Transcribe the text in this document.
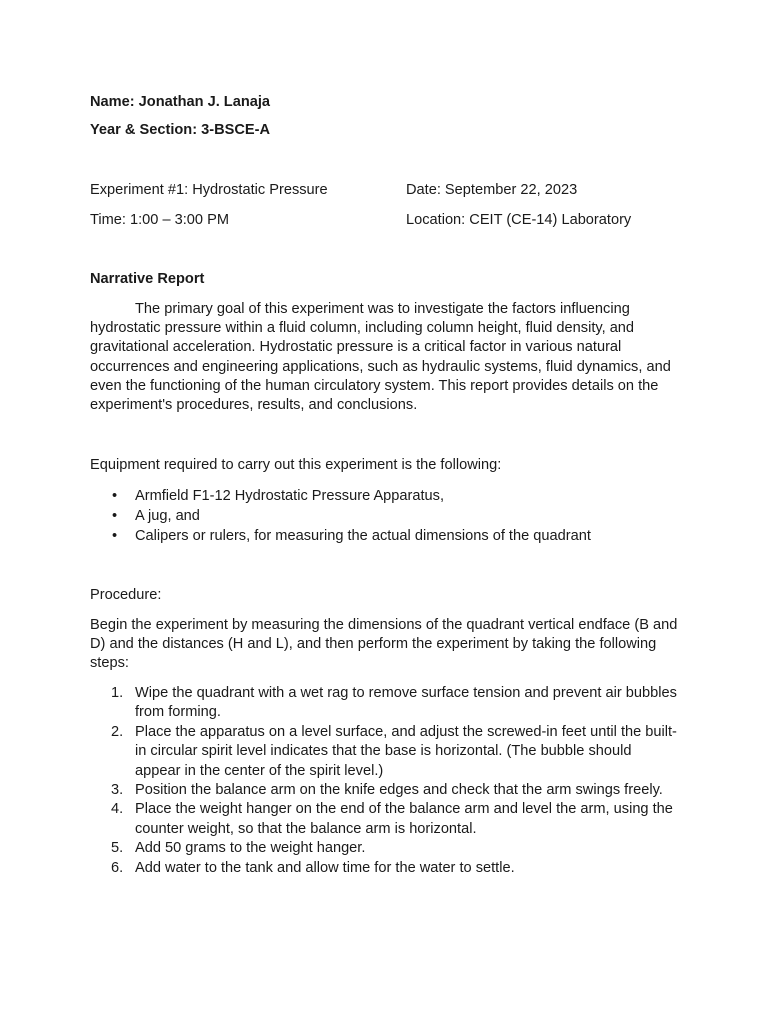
Name: Jonathan J. Lanaja
Year & Section: 3-BSCE-A
Experiment #1: Hydrostatic Pressure	Date: September 22, 2023
Time: 1:00 – 3:00 PM	Location: CEIT (CE-14) Laboratory
Narrative Report

The primary goal of this experiment was to investigate the factors influencing hydrostatic pressure within a fluid column, including column height, fluid density, and gravitational acceleration. Hydrostatic pressure is a critical factor in various natural occurrences and engineering applications, such as hydraulic systems, fluid dynamics, and even the functioning of the human circulatory system. This report provides details on the experiment's procedures, results, and conclusions.

Equipment required to carry out this experiment is the following:
• Armfield F1-12 Hydrostatic Pressure Apparatus,
• A jug, and
• Calipers or rulers, for measuring the actual dimensions of the quadrant
Procedure:
Begin the experiment by measuring the dimensions of the quadrant vertical endface (B and D) and the distances (H and L), and then perform the experiment by taking the following steps:
1. Wipe the quadrant with a wet rag to remove surface tension and prevent air bubbles from forming.
2. Place the apparatus on a level surface, and adjust the screwed-in feet until the built-in circular spirit level indicates that the base is horizontal. (The bubble should appear in the center of the spirit level.)
3. Position the balance arm on the knife edges and check that the arm swings freely.
4. Place the weight hanger on the end of the balance arm and level the arm, using the counter weight, so that the balance arm is horizontal.
5. Add 50 grams to the weight hanger.
6. Add water to the tank and allow time for the water to settle.
